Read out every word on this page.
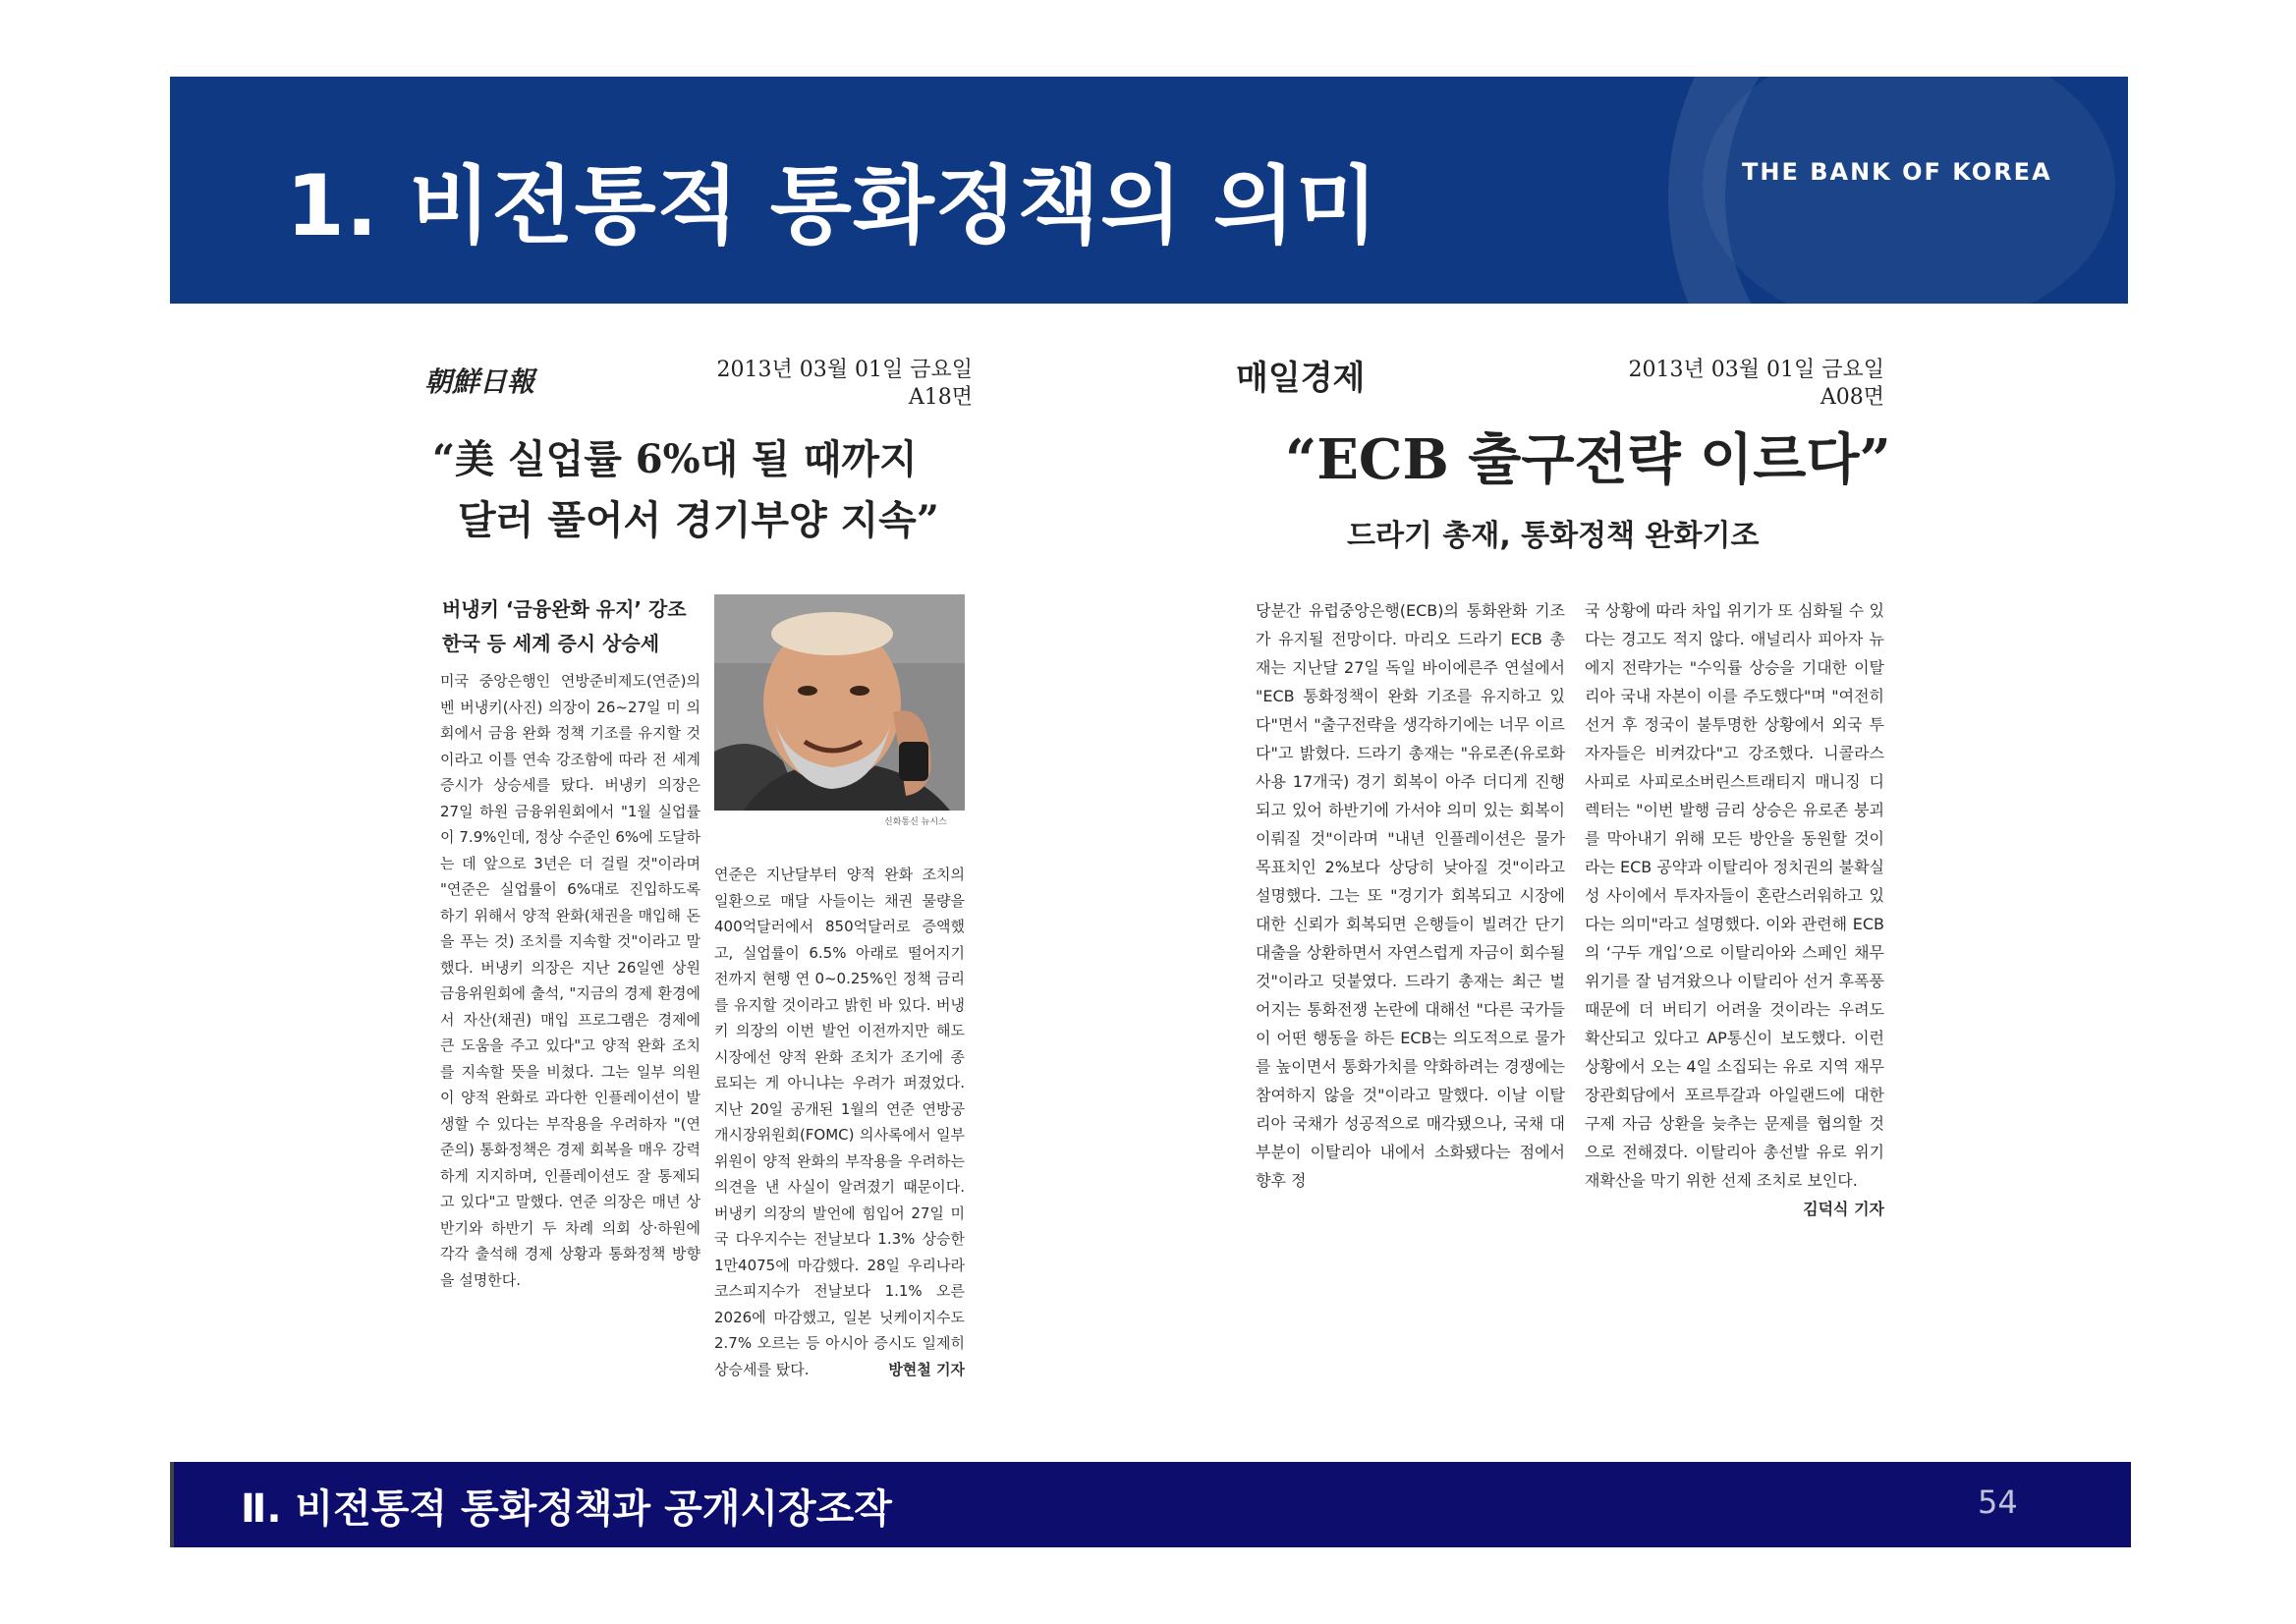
1. 비전통적 통화정책의 의미	THE BANK OF KOREA
朝鮮日報	2013년 03월 01일 금요일
A18면
“美 실업률 6%대 될 때까지
달러 풀어서 경기부양 지속”
버냉키 ‘금융완화 유지’ 강조
한국 등 세계 증시 상승세
신화통신 뉴시스
미국 중앙은행인 연방준비제도(연준)의 벤 버냉키(사진) 의장이 26~27일 미 의회에서 금융 완화 정책 기조를 유지할 것이라고 이틀 연속 강조함에 따라 전 세계 증시가 상승세를 탔다. 버냉키 의장은 27일 하원 금융위원회에서 "1월 실업률이 7.9%인데, 정상 수준인 6%에 도달하는 데 앞으로 3년은 더 걸릴 것"이라며 "연준은 실업률이 6%대로 진입하도록 하기 위해서 양적 완화(채권을 매입해 돈을 푸는 것) 조치를 지속할 것"이라고 말했다. 버냉키 의장은 지난 26일엔 상원 금융위원회에 출석, "지금의 경제 환경에서 자산(채권) 매입 프로그램은 경제에 큰 도움을 주고 있다"고 양적 완화 조치를 지속할 뜻을 비쳤다. 그는 일부 의원이 양적 완화로 과다한 인플레이션이 발생할 수 있다는 부작용을 우려하자 "(연준의) 통화정책은 경제 회복을 매우 강력하게 지지하며, 인플레이션도 잘 통제되고 있다"고 말했다. 연준 의장은 매년 상반기와 하반기 두 차례 의회 상·하원에 각각 출석해 경제 상황과 통화정책 방향을 설명한다.
연준은 지난달부터 양적 완화 조치의 일환으로 매달 사들이는 채권 물량을 400억달러에서 850억달러로 증액했고, 실업률이 6.5% 아래로 떨어지기 전까지 현행 연 0~0.25%인 정책 금리를 유지할 것이라고 밝힌 바 있다. 버냉키 의장의 이번 발언 이전까지만 해도 시장에선 양적 완화 조치가 조기에 종료되는 게 아니냐는 우려가 퍼졌었다. 지난 20일 공개된 1월의 연준 연방공개시장위원회(FOMC) 의사록에서 일부 위원이 양적 완화의 부작용을 우려하는 의견을 낸 사실이 알려졌기 때문이다. 버냉키 의장의 발언에 힘입어 27일 미국 다우지수는 전날보다 1.3% 상승한 1만4075에 마감했다. 28일 우리나라 코스피지수가 전날보다 1.1% 오른 2026에 마감했고, 일본 닛케이지수도 2.7% 오르는 등 아시아 증시도 일제히 상승세를 탔다.	방현철 기자
매일경제	2013년 03월 01일 금요일
A08면
“ECB 출구전략 이르다”
드라기 총재, 통화정책 완화기조
당분간 유럽중앙은행(ECB)의 통화완화 기조가 유지될 전망이다. 마리오 드라기 ECB 총재는 지난달 27일 독일 바이에른주 연설에서 "ECB 통화정책이 완화 기조를 유지하고 있다"면서 "출구전략을 생각하기에는 너무 이르다"고 밝혔다. 드라기 총재는 "유로존(유로화 사용 17개국) 경기 회복이 아주 더디게 진행되고 있어 하반기에 가서야 의미 있는 회복이 이뤄질 것"이라며 "내년 인플레이션은 물가 목표치인 2%보다 상당히 낮아질 것"이라고 설명했다. 그는 또 "경기가 회복되고 시장에 대한 신뢰가 회복되면 은행들이 빌려간 단기 대출을 상환하면서 자연스럽게 자금이 회수될 것"이라고 덧붙였다. 드라기 총재는 최근 벌어지는 통화전쟁 논란에 대해선 "다른 국가들이 어떤 행동을 하든 ECB는 의도적으로 물가를 높이면서 통화가치를 약화하려는 경쟁에는 참여하지 않을 것"이라고 말했다. 이날 이탈리아 국채가 성공적으로 매각됐으나, 국채 대부분이 이탈리아 내에서 소화됐다는 점에서 향후 정
국 상황에 따라 차입 위기가 또 심화될 수 있다는 경고도 적지 않다. 애널리사 피아자 뉴에지 전략가는 "수익률 상승을 기대한 이탈리아 국내 자본이 이를 주도했다"며 "여전히 선거 후 정국이 불투명한 상황에서 외국 투자자들은 비켜갔다"고 강조했다. 니콜라스 사피로 사피로소버린스트래티지 매니징 디렉터는 "이번 발행 금리 상승은 유로존 붕괴를 막아내기 위해 모든 방안을 동원할 것이라는 ECB 공약과 이탈리아 정치권의 불확실성 사이에서 투자자들이 혼란스러워하고 있다는 의미"라고 설명했다. 이와 관련해 ECB의 ‘구두 개입’으로 이탈리아와 스페인 채무 위기를 잘 넘겨왔으나 이탈리아 선거 후폭풍 때문에 더 버티기 어려울 것이라는 우려도 확산되고 있다고 AP통신이 보도했다. 이런 상황에서 오는 4일 소집되는 유로 지역 재무장관회담에서 포르투갈과 아일랜드에 대한 구제 자금 상환을 늦추는 문제를 협의할 것으로 전해졌다. 이탈리아 총선발 유로 위기 재확산을 막기 위한 선제 조치로 보인다.
김덕식 기자
Ⅱ. 비전통적 통화정책과 공개시장조작	54
